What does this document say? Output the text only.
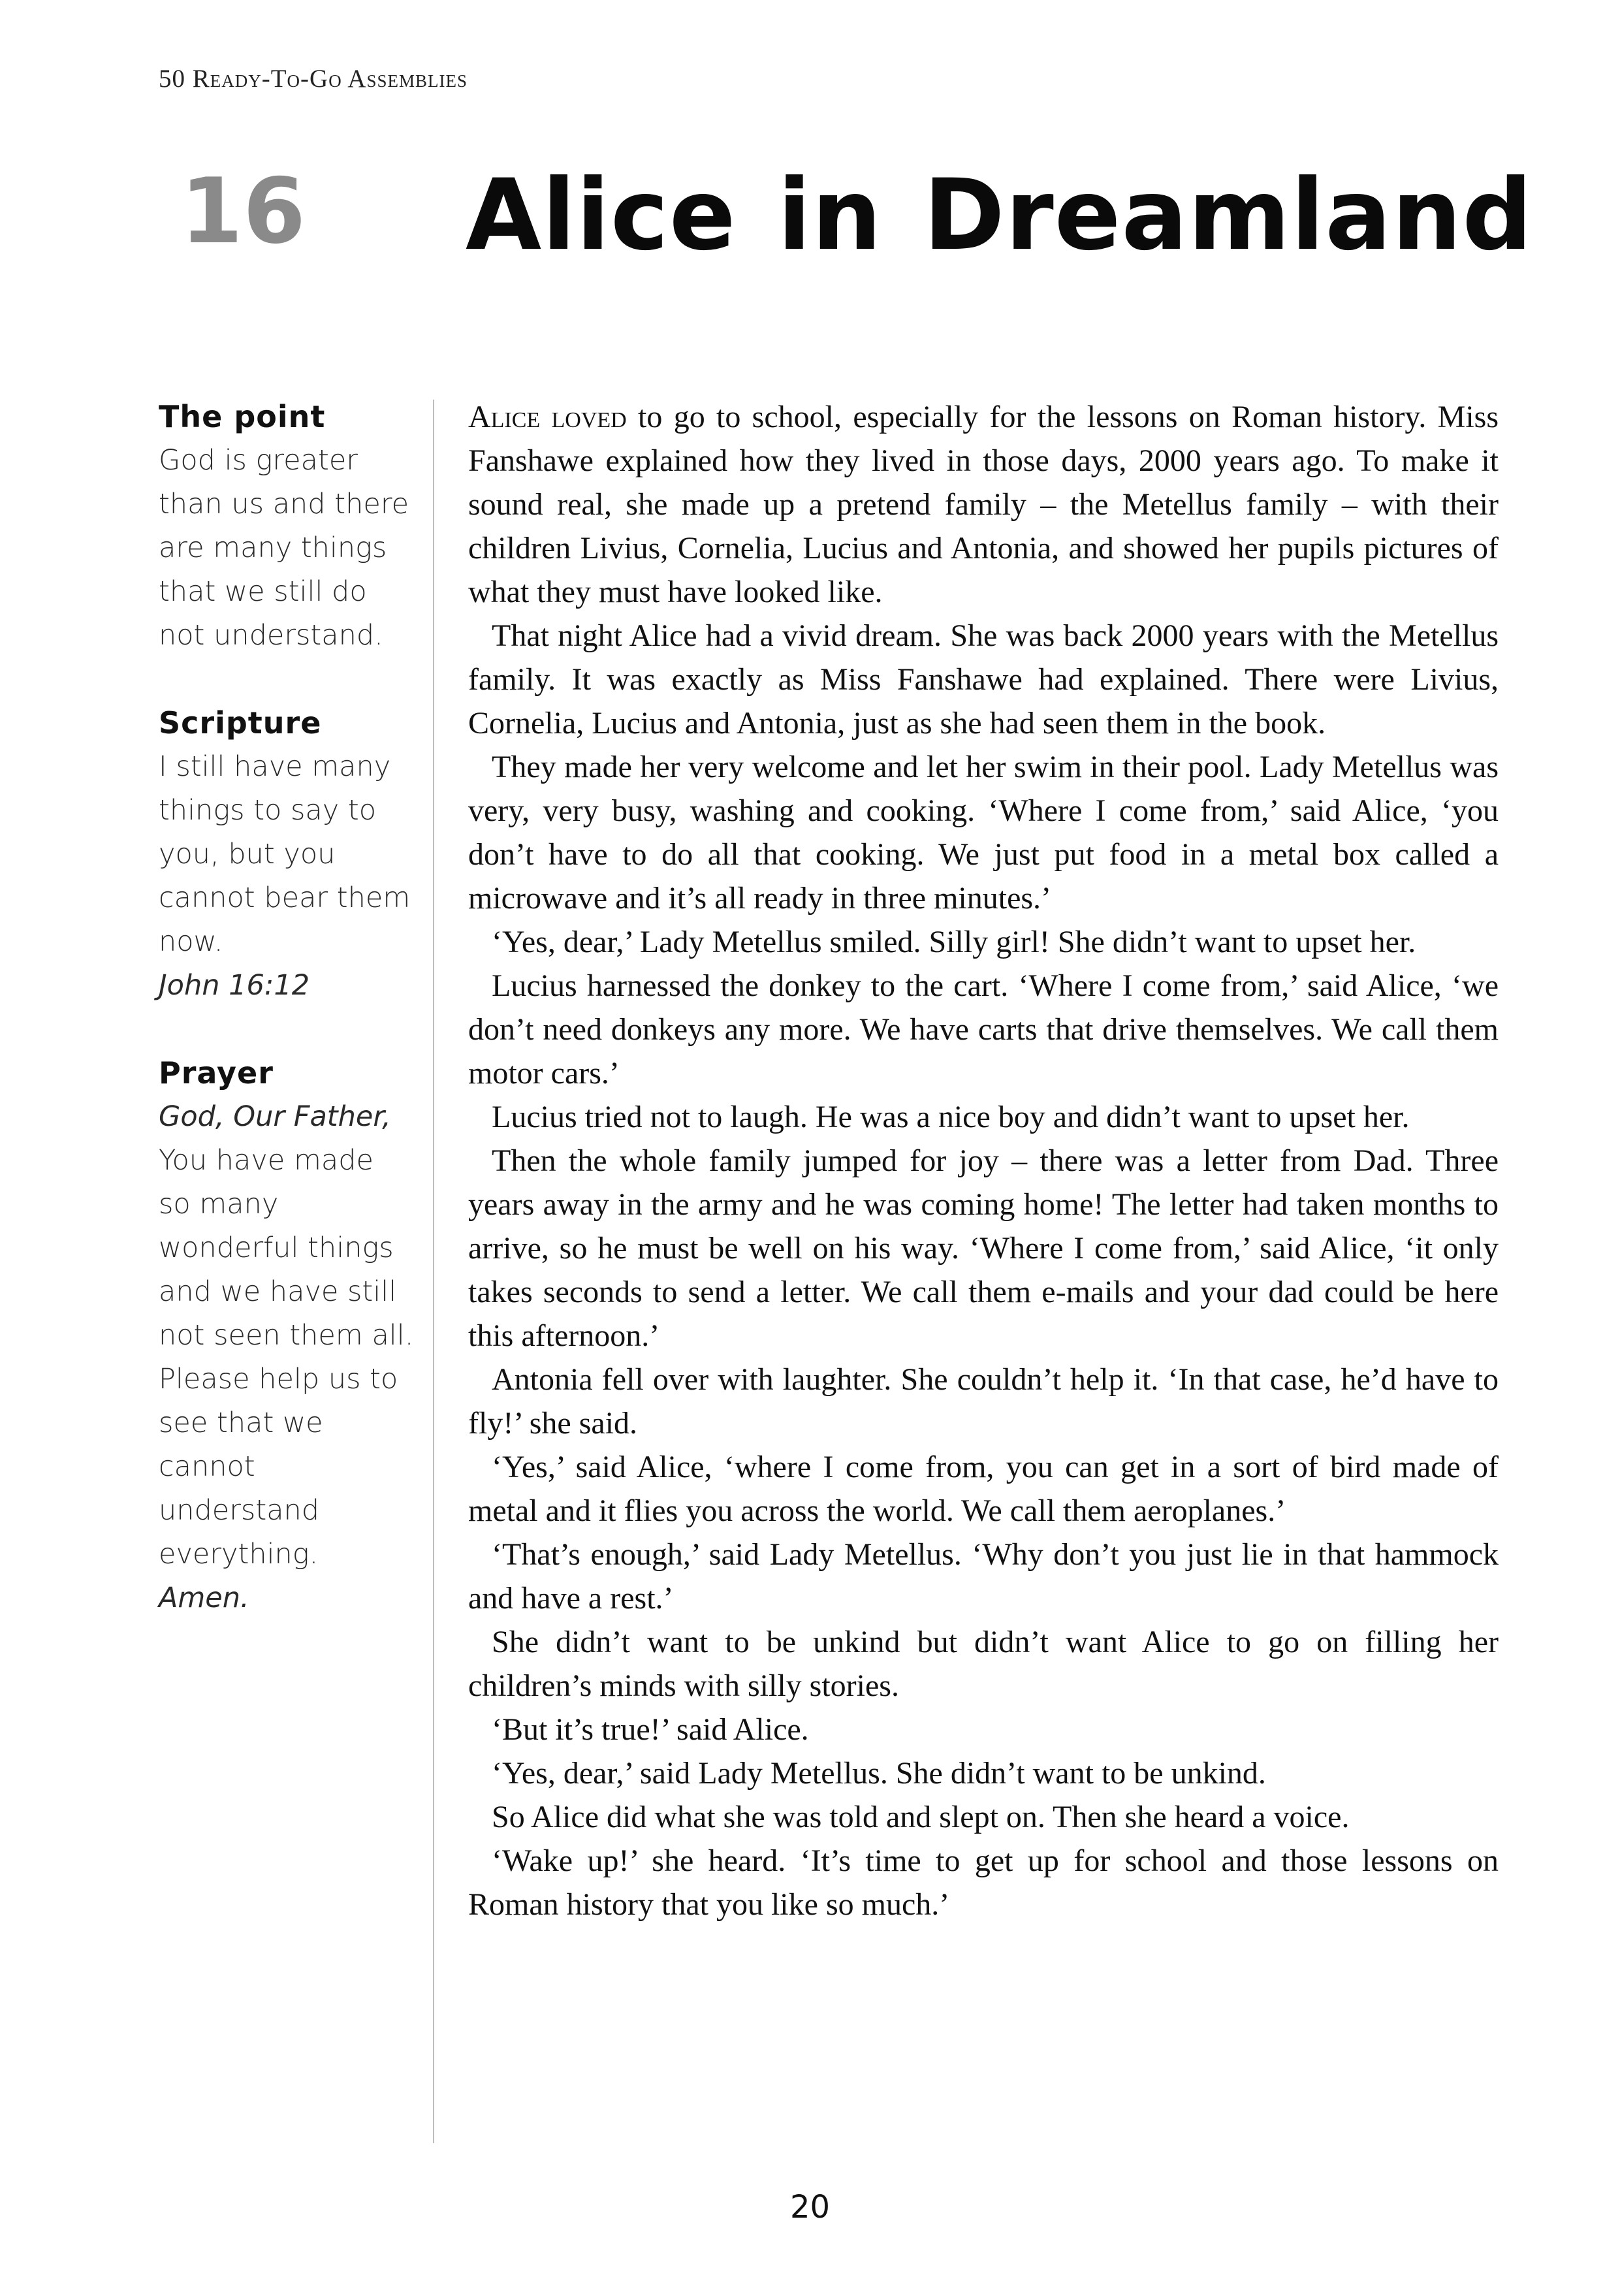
50 Ready-To-Go Assemblies
16 Alice in Dreamland
The point
God is greater
than us and there
are many things
that we still do
not understand.
Scripture
I still have many
things to say to
you, but you
cannot bear them
now.
John 16:12
Prayer
God, Our Father,
You have made
so many
wonderful things
and we have still
not seen them all.
Please help us to
see that we
cannot
understand
everything.
Amen.

Alice loved to go to school, especially for the lessons on Roman history. Miss Fanshawe explained how they lived in those days, 2000 years ago. To make it sound real, she made up a pretend family – the Metellus family – with their children Livius, Cornelia, Lucius and Antonia, and showed her pupils pictures of what they must have looked like.

That night Alice had a vivid dream. She was back 2000 years with the Metellus family. It was exactly as Miss Fanshawe had explained. There were Livius, Cornelia, Lucius and Antonia, just as she had seen them in the book.

They made her very welcome and let her swim in their pool. Lady Metellus was very, very busy, washing and cooking. ‘Where I come from,’ said Alice, ‘you don’t have to do all that cooking. We just put food in a metal box called a microwave and it’s all ready in three minutes.’

‘Yes, dear,’ Lady Metellus smiled. Silly girl! She didn’t want to upset her.

Lucius harnessed the donkey to the cart. ‘Where I come from,’ said Alice, ‘we don’t need donkeys any more. We have carts that drive themselves. We call them motor cars.’

Lucius tried not to laugh. He was a nice boy and didn’t want to upset her.

Then the whole family jumped for joy – there was a letter from Dad. Three years away in the army and he was coming home! The letter had taken months to arrive, so he must be well on his way. ‘Where I come from,’ said Alice, ‘it only takes seconds to send a letter. We call them e-mails and your dad could be here this afternoon.’

Antonia fell over with laughter. She couldn’t help it. ‘In that case, he’d have to fly!’ she said.

‘Yes,’ said Alice, ‘where I come from, you can get in a sort of bird made of metal and it flies you across the world. We call them aeroplanes.’

‘That’s enough,’ said Lady Metellus. ‘Why don’t you just lie in that hammock and have a rest.’

She didn’t want to be unkind but didn’t want Alice to go on filling her children’s minds with silly stories.

‘But it’s true!’ said Alice.

‘Yes, dear,’ said Lady Metellus. She didn’t want to be unkind.

So Alice did what she was told and slept on. Then she heard a voice.

‘Wake up!’ she heard. ‘It’s time to get up for school and those lessons on Roman history that you like so much.’

20
